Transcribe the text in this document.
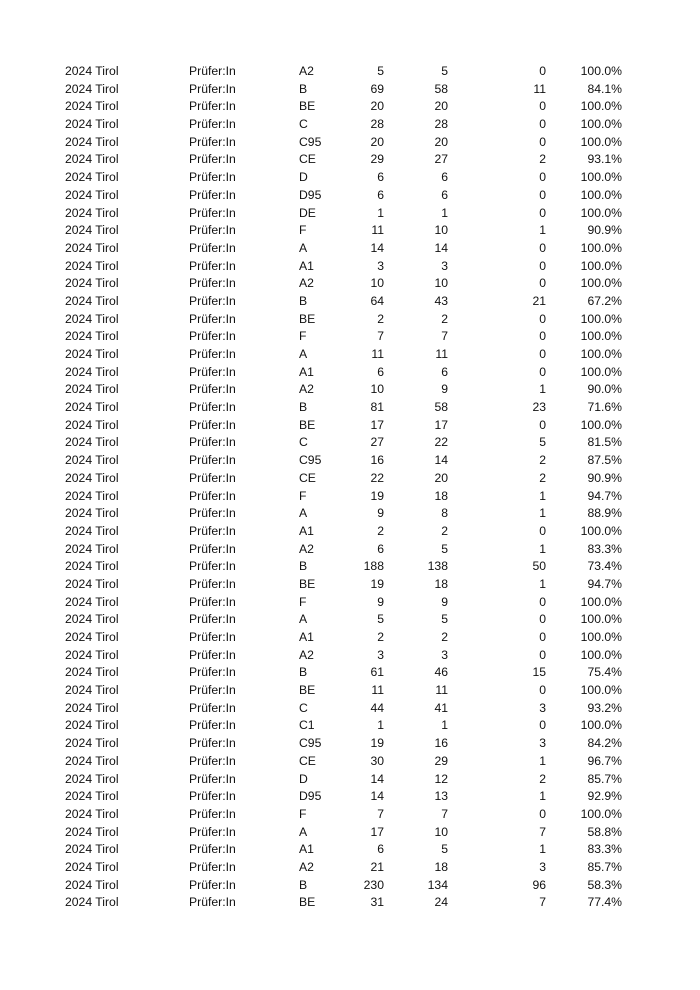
2024 Tirol	Prüfer:In	A2	5	5	0	100.0%
2024 Tirol	Prüfer:In	B	69	58	11	84.1%
2024 Tirol	Prüfer:In	BE	20	20	0	100.0%
2024 Tirol	Prüfer:In	C	28	28	0	100.0%
2024 Tirol	Prüfer:In	C95	20	20	0	100.0%
2024 Tirol	Prüfer:In	CE	29	27	2	93.1%
2024 Tirol	Prüfer:In	D	6	6	0	100.0%
2024 Tirol	Prüfer:In	D95	6	6	0	100.0%
2024 Tirol	Prüfer:In	DE	1	1	0	100.0%
2024 Tirol	Prüfer:In	F	11	10	1	90.9%
2024 Tirol	Prüfer:In	A	14	14	0	100.0%
2024 Tirol	Prüfer:In	A1	3	3	0	100.0%
2024 Tirol	Prüfer:In	A2	10	10	0	100.0%
2024 Tirol	Prüfer:In	B	64	43	21	67.2%
2024 Tirol	Prüfer:In	BE	2	2	0	100.0%
2024 Tirol	Prüfer:In	F	7	7	0	100.0%
2024 Tirol	Prüfer:In	A	11	11	0	100.0%
2024 Tirol	Prüfer:In	A1	6	6	0	100.0%
2024 Tirol	Prüfer:In	A2	10	9	1	90.0%
2024 Tirol	Prüfer:In	B	81	58	23	71.6%
2024 Tirol	Prüfer:In	BE	17	17	0	100.0%
2024 Tirol	Prüfer:In	C	27	22	5	81.5%
2024 Tirol	Prüfer:In	C95	16	14	2	87.5%
2024 Tirol	Prüfer:In	CE	22	20	2	90.9%
2024 Tirol	Prüfer:In	F	19	18	1	94.7%
2024 Tirol	Prüfer:In	A	9	8	1	88.9%
2024 Tirol	Prüfer:In	A1	2	2	0	100.0%
2024 Tirol	Prüfer:In	A2	6	5	1	83.3%
2024 Tirol	Prüfer:In	B	188	138	50	73.4%
2024 Tirol	Prüfer:In	BE	19	18	1	94.7%
2024 Tirol	Prüfer:In	F	9	9	0	100.0%
2024 Tirol	Prüfer:In	A	5	5	0	100.0%
2024 Tirol	Prüfer:In	A1	2	2	0	100.0%
2024 Tirol	Prüfer:In	A2	3	3	0	100.0%
2024 Tirol	Prüfer:In	B	61	46	15	75.4%
2024 Tirol	Prüfer:In	BE	11	11	0	100.0%
2024 Tirol	Prüfer:In	C	44	41	3	93.2%
2024 Tirol	Prüfer:In	C1	1	1	0	100.0%
2024 Tirol	Prüfer:In	C95	19	16	3	84.2%
2024 Tirol	Prüfer:In	CE	30	29	1	96.7%
2024 Tirol	Prüfer:In	D	14	12	2	85.7%
2024 Tirol	Prüfer:In	D95	14	13	1	92.9%
2024 Tirol	Prüfer:In	F	7	7	0	100.0%
2024 Tirol	Prüfer:In	A	17	10	7	58.8%
2024 Tirol	Prüfer:In	A1	6	5	1	83.3%
2024 Tirol	Prüfer:In	A2	21	18	3	85.7%
2024 Tirol	Prüfer:In	B	230	134	96	58.3%
2024 Tirol	Prüfer:In	BE	31	24	7	77.4%
